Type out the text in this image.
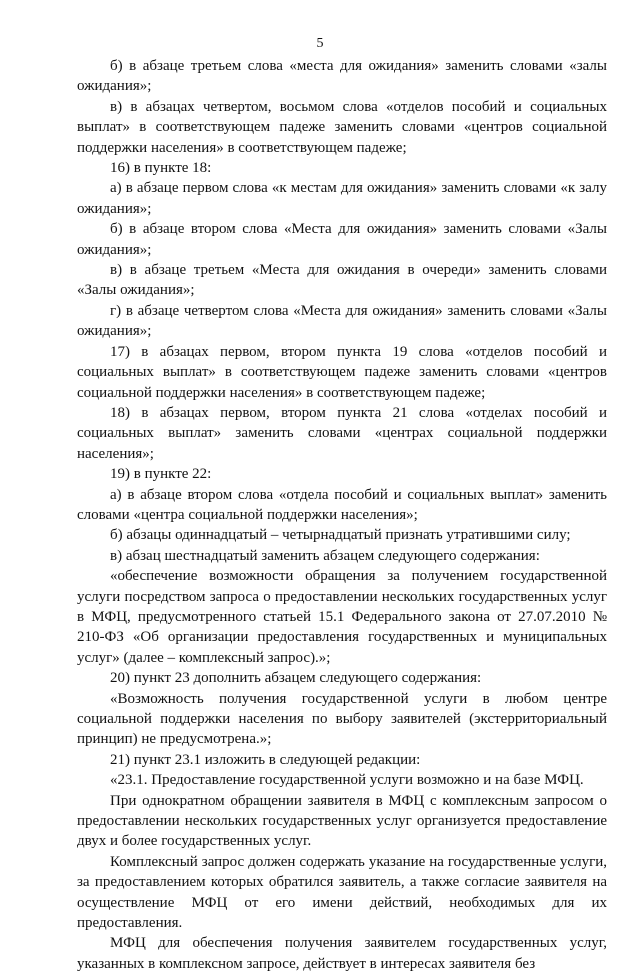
5

б) в абзаце третьем слова «места для ожидания» заменить словами «залы ожидания»;

в) в абзацах четвертом, восьмом слова «отделов пособий и социальных выплат» в соответствующем падеже заменить словами «центров социальной поддержки населения» в соответствующем падеже;

16) в пункте 18:

а) в абзаце первом слова «к местам для ожидания» заменить словами «к залу ожидания»;

б) в абзаце втором слова «Места для ожидания» заменить словами «Залы ожидания»;

в) в абзаце третьем «Места для ожидания в очереди» заменить словами «Залы ожидания»;

г) в абзаце четвертом слова «Места для ожидания» заменить словами «Залы ожидания»;

17) в абзацах первом, втором пункта 19 слова «отделов пособий и социальных выплат» в соответствующем падеже заменить словами «центров социальной поддержки населения» в соответствующем падеже;

18) в абзацах первом, втором пункта 21 слова «отделах пособий и социальных выплат» заменить словами «центрах социальной поддержки населения»;

19) в пункте 22:

а) в абзаце втором слова «отдела пособий и социальных выплат» заменить словами «центра социальной поддержки населения»;

б) абзацы одиннадцатый – четырнадцатый признать утратившими силу;

в) абзац шестнадцатый заменить абзацем следующего содержания:

«обеспечение возможности обращения за получением государственной услуги посредством запроса о предоставлении нескольких государственных услуг в МФЦ, предусмотренного статьей 15.1 Федерального закона от 27.07.2010 № 210-ФЗ «Об организации предоставления государственных и муниципальных услуг» (далее – комплексный запрос).»;

20) пункт 23 дополнить абзацем следующего содержания:

«Возможность получения государственной услуги в любом центре социальной поддержки населения по выбору заявителей (экстерриториальный принцип) не предусмотрена.»;

21) пункт 23.1 изложить в следующей редакции:

«23.1. Предоставление государственной услуги возможно и на базе МФЦ.

При однократном обращении заявителя в МФЦ с комплексным запросом о предоставлении нескольких государственных услуг организуется предоставление двух и более государственных услуг.

Комплексный запрос должен содержать указание на государственные услуги, за предоставлением которых обратился заявитель, а также согласие заявителя на осуществление МФЦ от его имени действий, необходимых для их предоставления.

МФЦ для обеспечения получения заявителем государственных услуг, указанных в комплексном запросе, действует в интересах заявителя без
